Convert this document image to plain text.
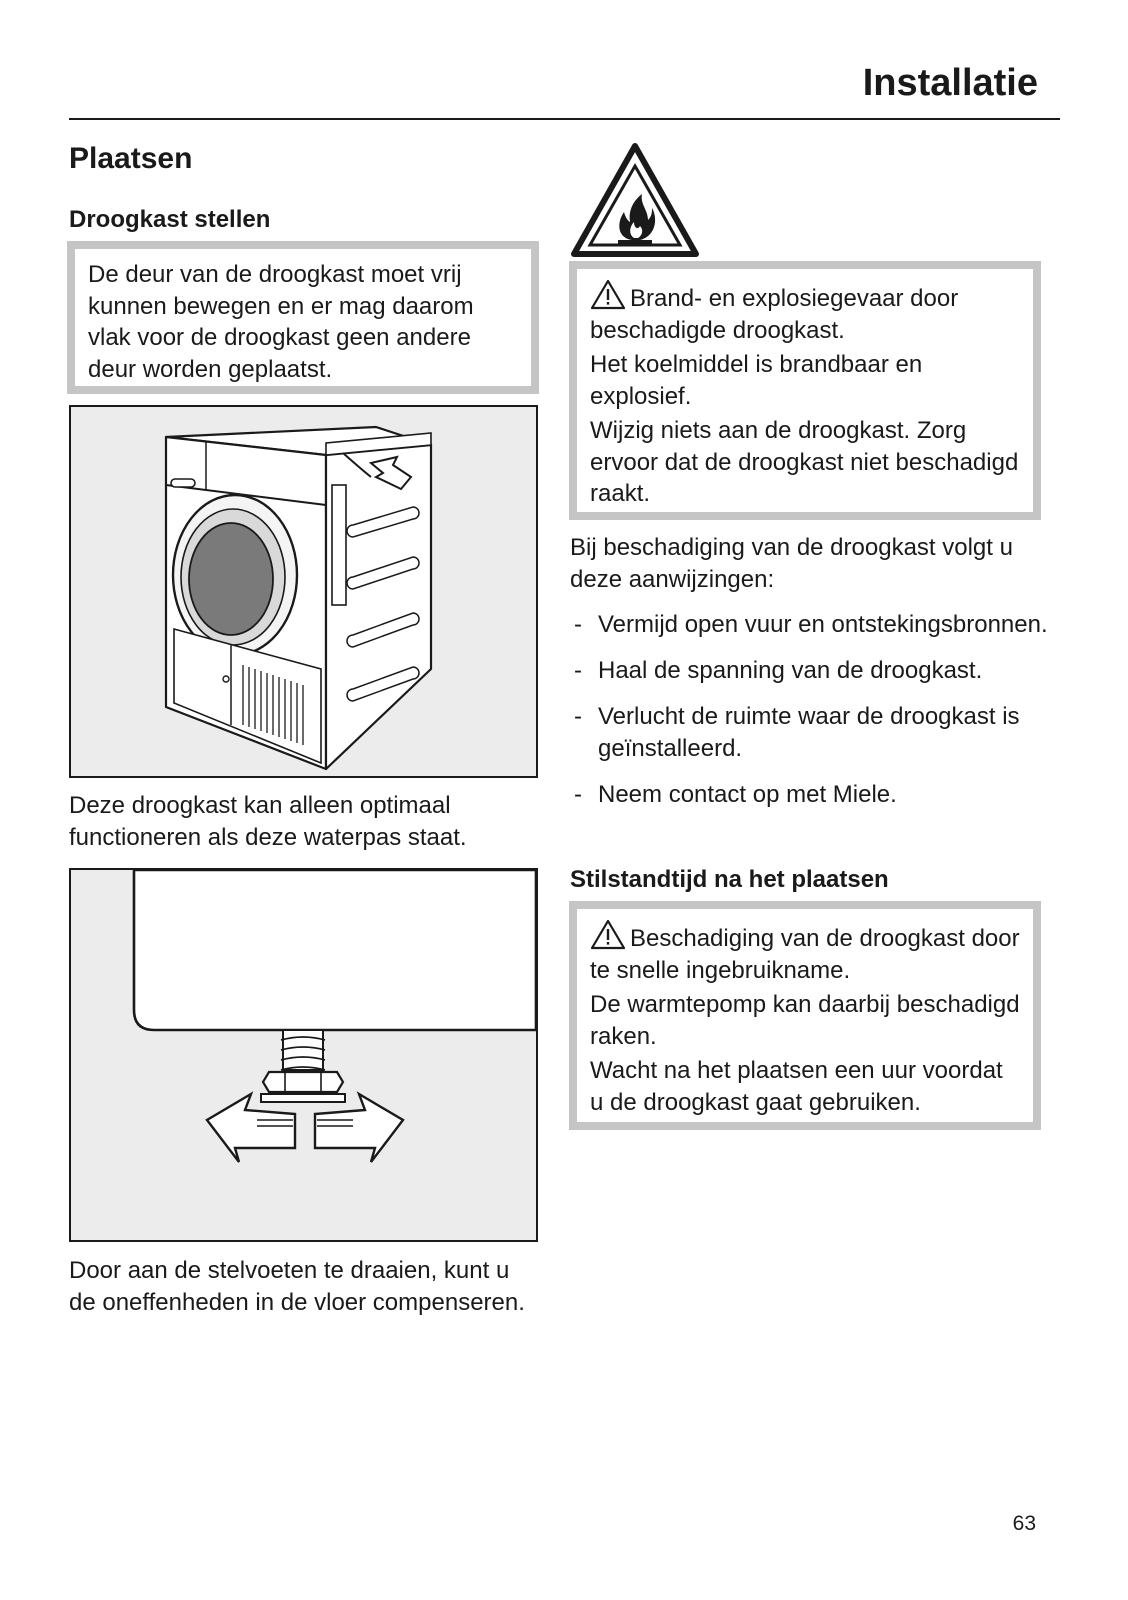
Installatie
Plaatsen
Droogkast stellen

De deur van de droogkast moet vrij kunnen bewegen en er mag daarom vlak voor de droogkast geen andere deur worden geplaatst.

Deze droogkast kan alleen optimaal functioneren als deze waterpas staat.

Door aan de stelvoeten te draaien, kunt u de oneffenheden in de vloer compenseren.

Brand- en explosiegevaar door beschadigde droogkast.

Het koelmiddel is brandbaar en explosief.

Wijzig niets aan de droogkast. Zorg ervoor dat de droogkast niet beschadigd raakt.

Bij beschadiging van de droogkast volgt u deze aanwijzingen:

- Vermijd open vuur en ontstekingsbronnen.
- Haal de spanning van de droogkast.
- Verlucht de ruimte waar de droogkast is geïnstalleerd.
- Neem contact op met Miele.
Stilstandtijd na het plaatsen

Beschadiging van de droogkast door te snelle ingebruikname.

De warmtepomp kan daarbij beschadigd raken.

Wacht na het plaatsen een uur voordat u de droogkast gaat gebruiken.

63
